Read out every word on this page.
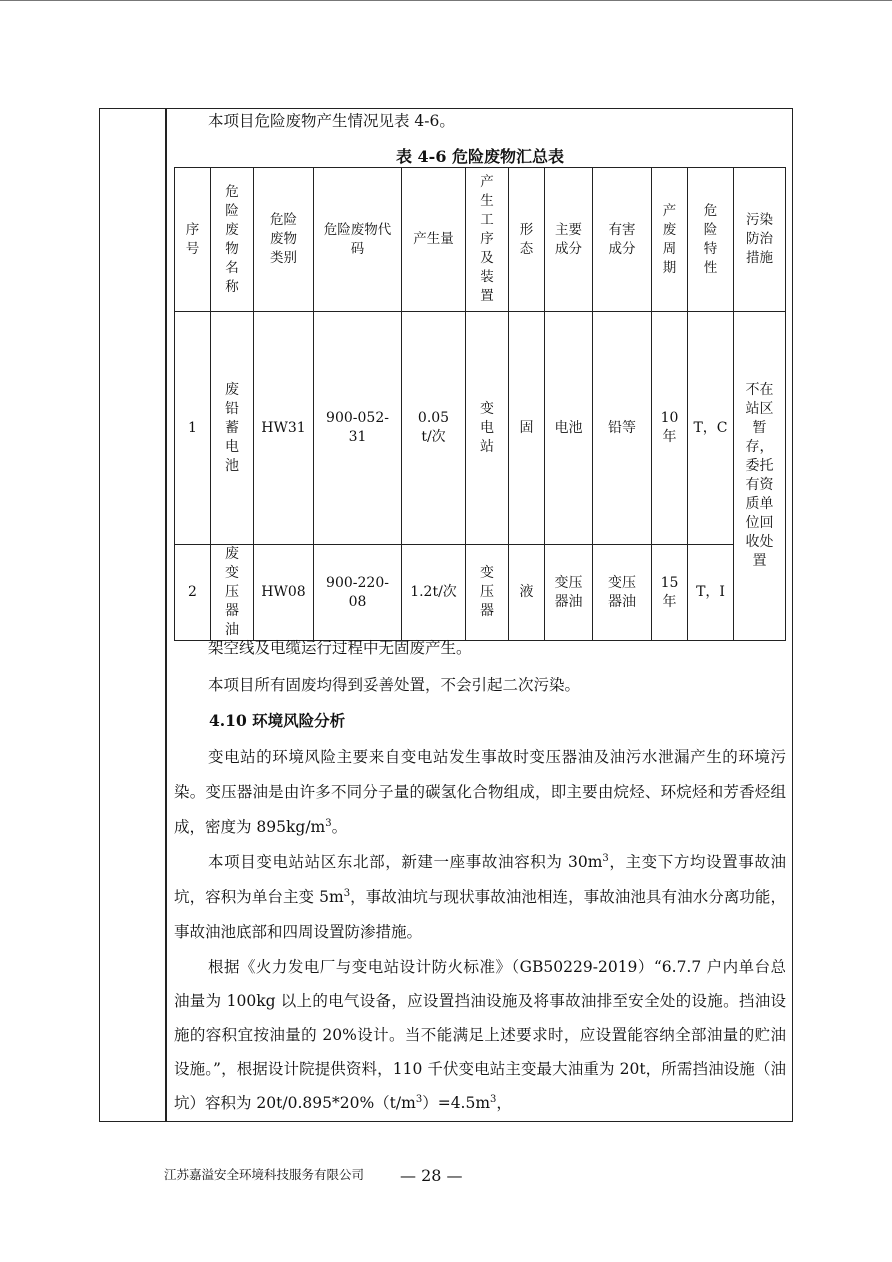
本项目危险废物产生情况见表 4-6。

表 4-6 危险废物汇总表
序号	危险废物名称	危险废物类别	危险废物代码	产生量	产生工序及装置	形态	主要成分	有害成分	产废周期	危险特性	污染防治措施
1	废铅蓄电池	HW31	900-052-31	0.05t/次	变电站	固	电池	铅等	10年	T，C	不在站区暂存，委托有资质单位回收处置
2	废变压器油	HW08	900-220-08	1.2t/次	变压器	液	变压器油	变压器油	15年	T，I	

架空线及电缆运行过程中无固废产生。

本项目所有固废均得到妥善处置，不会引起二次污染。

4.10 环境风险分析

变电站的环境风险主要来自变电站发生事故时变压器油及油污水泄漏产生的环境污染。变压器油是由许多不同分子量的碳氢化合物组成，即主要由烷烃、环烷烃和芳香烃组成，密度为 $895kg/m^3$。

本项目变电站站区东北部，新建一座事故油容积为 $30m^3$，主变下方均设置事故油坑，容积为单台主变 $5m^3$，事故油坑与现状事故油池相连，事故油池具有油水分离功能，事故油池底部和四周设置防渗措施。

根据《火力发电厂与变电站设计防火标准》（GB50229-2019）“6.7.7 户内单台总油量为 100kg 以上的电气设备，应设置挡油设施及将事故油排至安全处的设施。挡油设施的容积宜按油量的 20%设计。当不能满足上述要求时，应设置能容纳全部油量的贮油设施。”，根据设计院提供资料，110 千伏变电站主变最大油重为 20t，所需挡油设施（油坑）容积为 $20t/0.895*20\%(t/m^3)=4.5m^3$，

江苏嘉溢安全环境科技服务有限公司 — 28 —
